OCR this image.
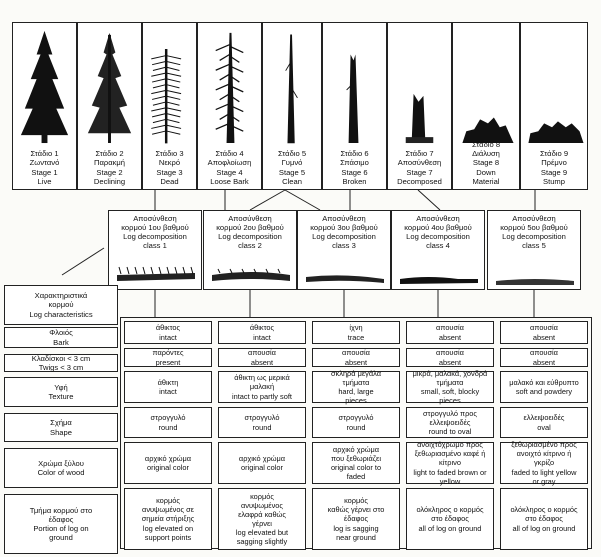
Στάδιο 1
Ζωντανό
Stage 1
Live
Στάδιο 2
Παρακμή
Stage 2
Declining
Στάδιο 3
Νεκρό
Stage 3
Dead
Στάδιο 4
Αποφλοίωση
Stage 4
Loose Bark
Στάδιο 5
Γυμνό
Stage 5
Clean
Στάδιο 6
Σπάσιμο
Stage 6
Broken
Στάδιο 7
Αποσύνθεση
Stage 7
Decomposed
Στάδιο 8
Διάλυση
Stage 8
Down
Material
Στάδιο 9
Πρέμνο
Stage 9
Stump
Αποσύνθεση
κορμού 1ου βαθμού
Log decomposition
class 1
Αποσύνθεση
κορμού 2ου βαθμού
Log decomposition
class 2
Αποσύνθεση
κορμού 3ου βαθμού
Log decomposition
class 3
Αποσύνθεση
κορμού 4ου βαθμού
Log decomposition
class 4
Αποσύνθεση
κορμού 5ου βαθμού
Log decomposition
class 5
Χαρακτηριστικά
κορμού
Log characteristics
Φλοιός
Bark
άθικτος
intact
άθικτος
intact
ίχνη
trace
απουσία
absent
απουσία
absent
Κλαδίσκοι < 3 cm
Twigs < 3 cm
παρόντες
present
απουσία
absent
απουσία
absent
απουσία
absent
απουσία
absent
Υφή
Texture
άθικτη
intact
άθικτη ως μερικά
μαλακή
intact to partly soft
σκληρά μεγάλα
τμήματα
hard, large
pieces
μικρά, μαλακά, χονδρά
τμήματα
small, soft, blocky
pieces
μαλακό και εύθρυπτο
soft and powdery
Σχήμα
Shape
στρογγυλό
round
στρογγυλό
round
στρογγυλό
round
στρογγυλό προς
ελλειψοειδές
round to oval
ελλειψοειδές
oval
Χρώμα ξύλου
Color of wood
αρχικό χρώμα
original color
αρχικό χρώμα
original color
αρχικό χρώμα
που ξεθωριάζει
original color to
faded
ανοιχτόχρωμο προς
ξεθωριασμένο καφέ ή
κίτρινο
light to faded brown or
yellow
ξεθωριασμένο προς
ανοιχτό κίτρινο ή
γκρίζο
faded to light yellow
or gray
Τμήμα κορμού στο
έδαφος
Portion of log on
ground
κορμός
ανυψωμένος σε
σημεία στήριξης
log elevated on
support points
κορμός
ανυψωμένος
ελαφρά καθώς
γέρνει
log elevated but
sagging slightly
κορμός
καθώς γέρνει στο
έδαφος
log is sagging
near ground
ολόκληρος ο κορμός
στο έδαφος
all of log on ground
ολόκληρος ο κορμός
στο έδαφος
all of log on ground
